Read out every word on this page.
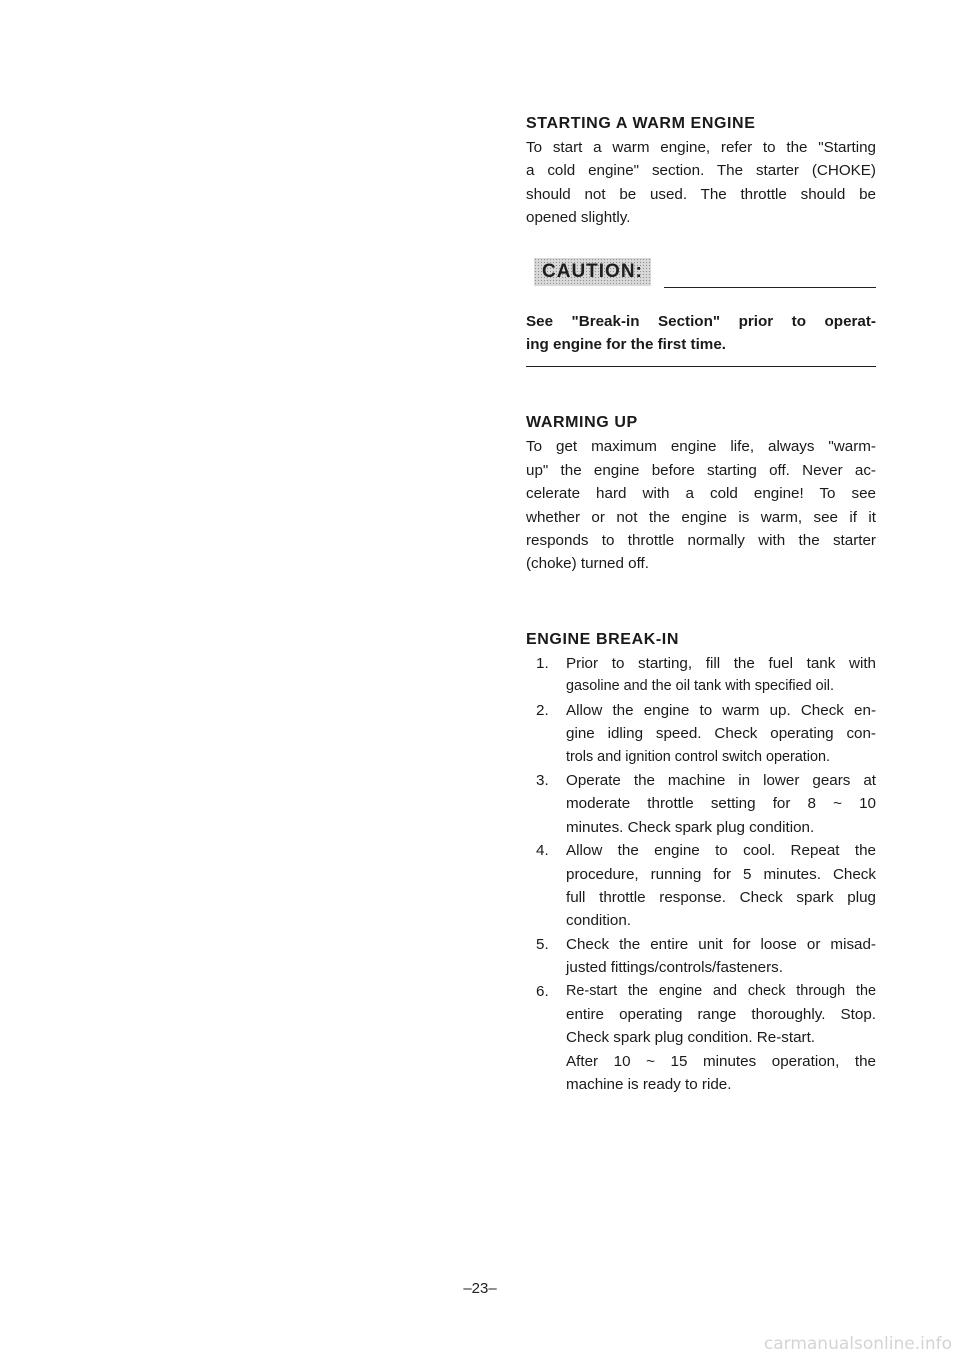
STARTING A WARM ENGINE

To start a warm engine, refer to the "Starting
a cold engine" section. The starter (CHOKE)
should not be used. The throttle should be
opened slightly.

CAUTION:
See "Break-in Section" prior to operat-
ing engine for the first time.
WARMING UP

To get maximum engine life, always "warm-
up" the engine before starting off. Never ac-
celerate hard with a cold engine! To see
whether or not the engine is warm, see if it
responds to throttle normally with the starter
(choke) turned off.

ENGINE BREAK-IN
1. Prior to starting, fill the fuel tank with
gasoline and the oil tank with specified oil.
2. Allow the engine to warm up. Check en-
gine idling speed. Check operating con-
trols and ignition control switch operation.
3. Operate the machine in lower gears at
moderate throttle setting for 8 ~ 10
minutes. Check spark plug condition.
4. Allow the engine to cool. Repeat the
procedure, running for 5 minutes. Check
full throttle response. Check spark plug
condition.
5. Check the entire unit for loose or misad-
justed fittings/controls/fasteners.
6. Re-start the engine and check through the
entire operating range thoroughly. Stop.
Check spark plug condition. Re-start.
After 10 ~ 15 minutes operation, the
machine is ready to ride.
–23–
carmanualsonline.info
